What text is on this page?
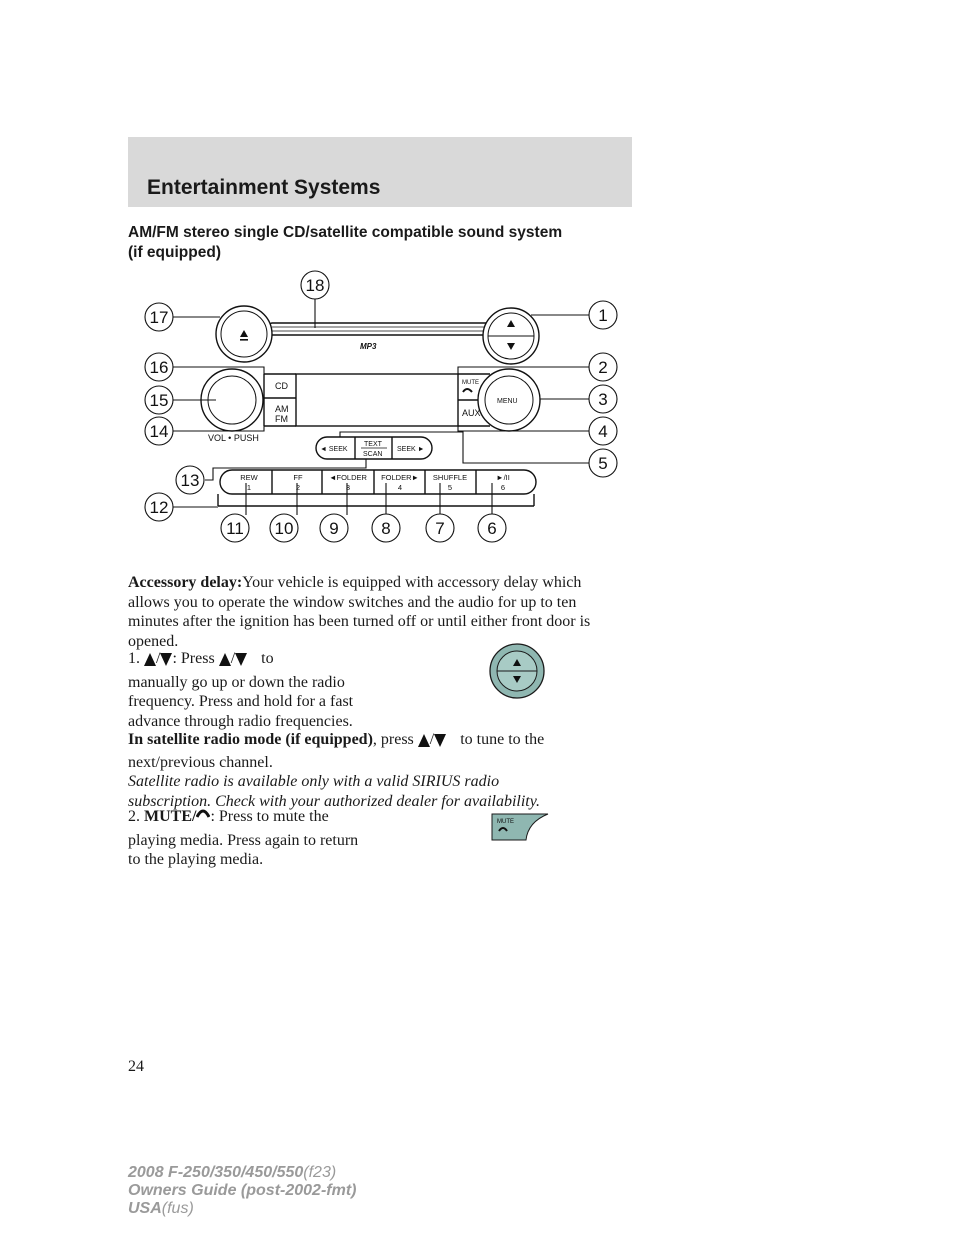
Entertainment Systems
AM/FM stereo single CD/satellite compatible sound system
(if equipped)
1
2
3
4
5
6
7
8
9
10
11
12
13
14
15
16
17
18
CD
AM
FM
VOL • PUSH
MP3
MUTE
MENU
AUX
◄ SEEK
TEXT
SCAN
SEEK ►
REW
1
FF
2
◄FOLDER
3
FOLDER►
4
SHUFFLE
5
►/II
6
Accessory delay:Your vehicle is equipped with accessory delay which
allows you to operate the window switches and the audio for up to ten
minutes after the ignition has been turned off or until either front door is
opened.
1. / : Press / to
manually go up or down the radio
frequency. Press and hold for a fast
advance through radio frequencies.
In satellite radio mode (if equipped), press / to tune to the
next/previous channel.
Satellite radio is available only with a valid SIRIUS radio
subscription. Check with your authorized dealer for availability.
2. MUTE/ : Press to mute the
playing media. Press again to return
to the playing media.
MUTE
24
2008 F-250/350/450/550(f23)
Owners Guide (post-2002-fmt)
USA(fus)
